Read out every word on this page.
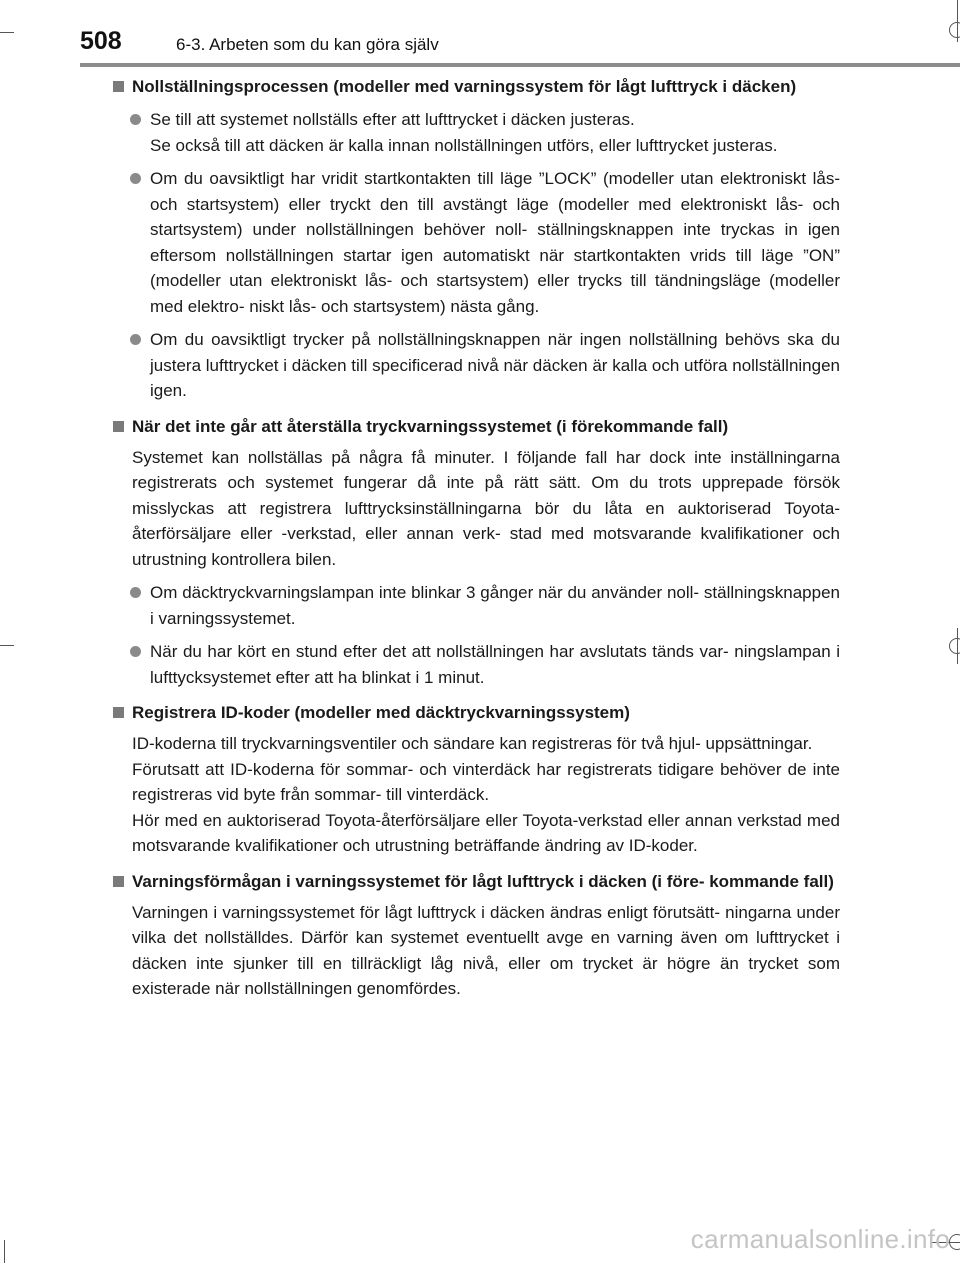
508	6-3. Arbeten som du kan göra själv
Nollställningsprocessen (modeller med varningssystem för lågt lufttryck i däcken)

Se till att systemet nollställs efter att lufttrycket i däcken justeras.

Se också till att däcken är kalla innan nollställningen utförs, eller lufttrycket justeras.

Om du oavsiktligt har vridit startkontakten till läge ”LOCK” (modeller utan elektroniskt lås- och startsystem) eller tryckt den till avstängt läge (modeller med elektroniskt lås- och startsystem) under nollställningen behöver noll- ställningsknappen inte tryckas in igen eftersom nollställningen startar igen automatiskt när startkontakten vrids till läge ”ON” (modeller utan elektroniskt lås- och startsystem) eller trycks till tändningsläge (modeller med elektro- niskt lås- och startsystem) nästa gång.

Om du oavsiktligt trycker på nollställningsknappen när ingen nollställning behövs ska du justera lufttrycket i däcken till specificerad nivå när däcken är kalla och utföra nollställningen igen.

När det inte går att återställa tryckvarningssystemet (i förekommande fall)

Systemet kan nollställas på några få minuter. I följande fall har dock inte inställningarna registrerats och systemet fungerar då inte på rätt sätt. Om du trots upprepade försök misslyckas att registrera lufttrycksinställningarna bör du låta en auktoriserad Toyota-återförsäljare eller -verkstad, eller annan verk- stad med motsvarande kvalifikationer och utrustning kontrollera bilen.

Om däcktryckvarningslampan inte blinkar 3 gånger när du använder noll- ställningsknappen i varningssystemet.

När du har kört en stund efter det att nollställningen har avslutats tänds var- ningslampan i lufttycksystemet efter att ha blinkat i 1 minut.

Registrera ID-koder (modeller med däcktryckvarningssystem)

ID-koderna till tryckvarningsventiler och sändare kan registreras för två hjul- uppsättningar.

Förutsatt att ID-koderna för sommar- och vinterdäck har registrerats tidigare behöver de inte registreras vid byte från sommar- till vinterdäck.

Hör med en auktoriserad Toyota-återförsäljare eller Toyota-verkstad eller annan verkstad med motsvarande kvalifikationer och utrustning beträffande ändring av ID-koder.

Varningsförmågan i varningssystemet för lågt lufttryck i däcken (i före- kommande fall)

Varningen i varningssystemet för lågt lufttryck i däcken ändras enligt förutsätt- ningarna under vilka det nollställdes. Därför kan systemet eventuellt avge en varning även om lufttrycket i däcken inte sjunker till en tillräckligt låg nivå, eller om trycket är högre än trycket som existerade när nollställningen genomfördes.

carmanualsonline.info
